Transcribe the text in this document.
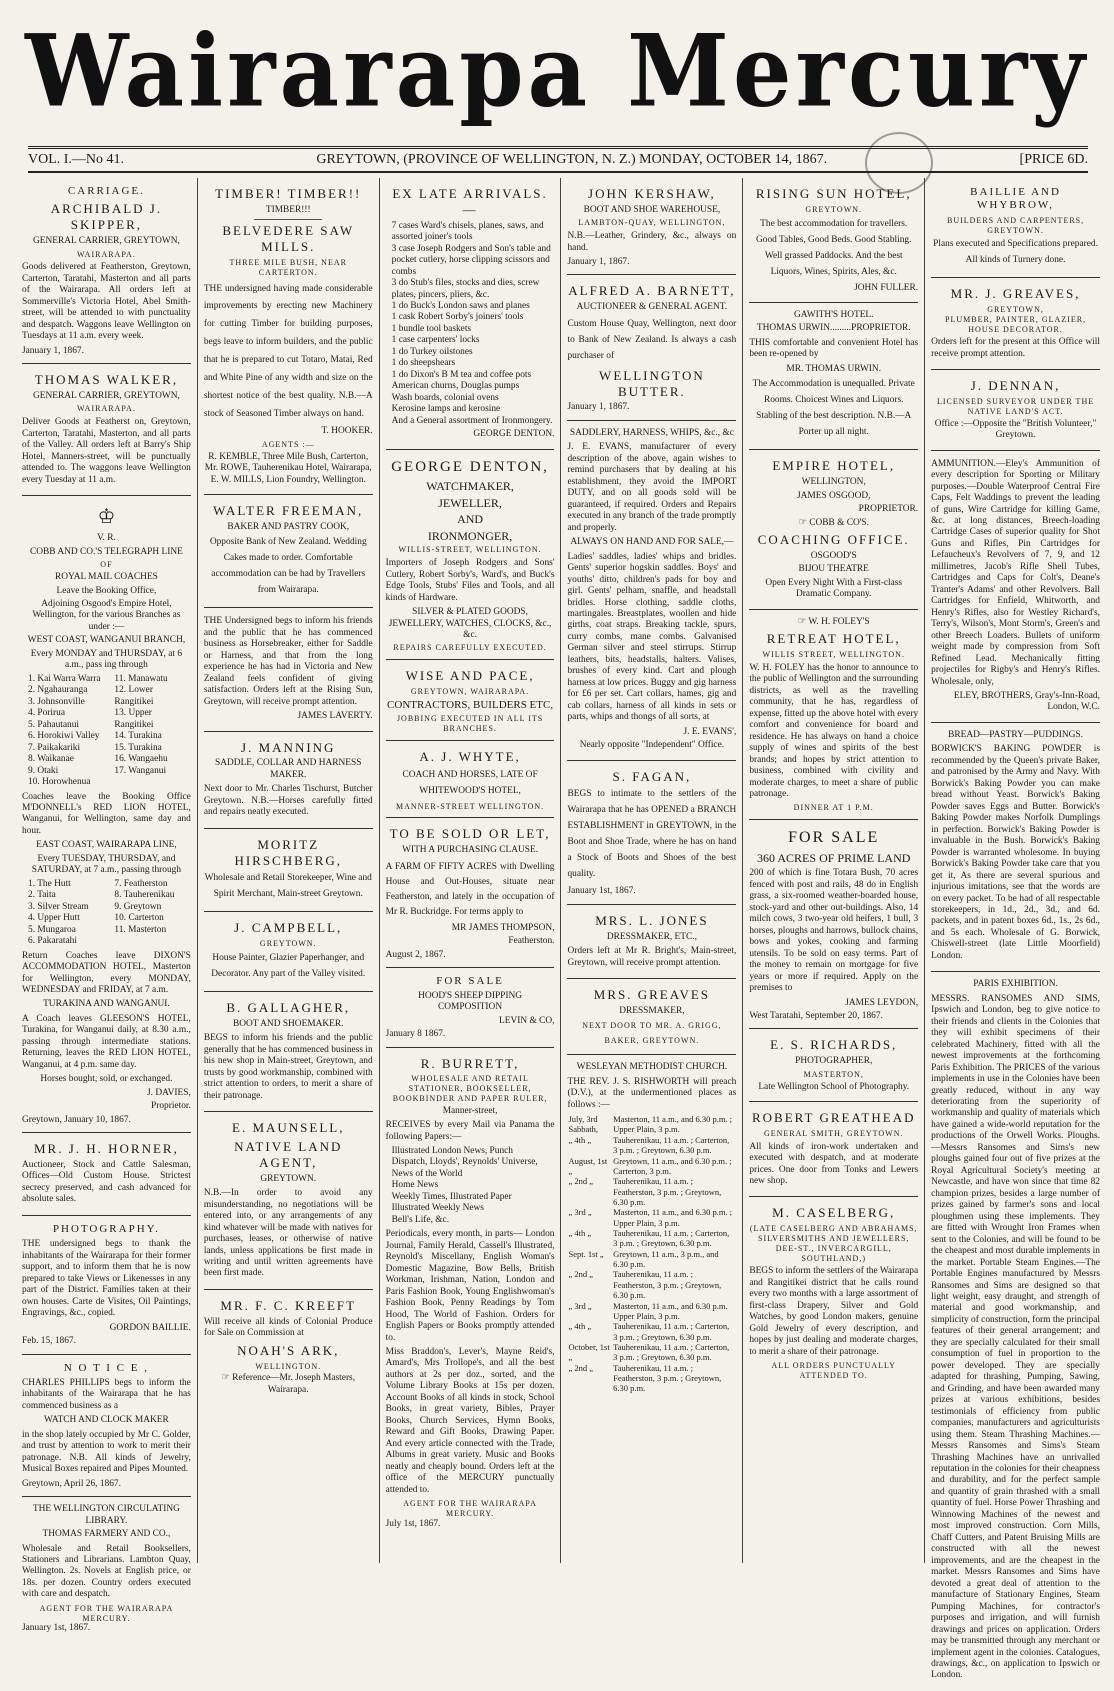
Wairarapa Mercury
VOL. I.—No 41.	GREYTOWN, (PROVINCE OF WELLINGTON, N. Z.) MONDAY, OCTOBER 14, 1867.	[PRICE 6D.
CARRIAGE.
ARCHIBALD J. SKIPPER,
GENERAL CARRIER, GREYTOWN,
WAIRARAPA.
Goods delivered at Featherston, Greytown, Carterton, Taratahi, Masterton and all parts of the Wairarapa. All orders left at Sommerville's Victoria Hotel, Abel Smith-street, will be attended to with punctuality and despatch. Waggons leave Wellington on Tuesdays at 11 a.m. every week.
January 1, 1867.
THOMAS WALKER,
GENERAL CARRIER, GREYTOWN,
WAIRARAPA.
Deliver Goods at Featherst on, Greytown, Carterton, Taratahi, Masterton, and all parts of the Valley. All orders left at Barry's Ship Hotel, Manners-street, will be punctually attended to. The waggons leave Wellington every Tuesday at 11 a.m.
♔
V. R.
COBB AND CO.'S TELEGRAPH LINE
OF
ROYAL MAIL COACHES
Leave the Booking Office,
Adjoining Osgood's Empire Hotel, Wellington, for the various Branches as under :—
WEST COAST, WANGANUI BRANCH,
Every MONDAY and THURSDAY, at 6 a.m., pass ing through
1. Kai Warra Warra
2. Ngahauranga
3. Johnsonville
4. Porirua
5. Pahautanui
6. Horokiwi Valley
7. Paikakariki
8. Waikanae
9. Otaki
10. Horowhenua
11. Manawatu
12. Lower Rangitikei
13. Upper Rangitikei
14. Turakina
15. Turakina
16. Wangaehu
17. Wanganui
Coaches leave the Booking Office M'DONNELL's RED LION HOTEL, Wanganui, for Wellington, same day and hour.
EAST COAST, WAIRARAPA LINE,
Every TUESDAY, THURSDAY, and SATURDAY, at 7 a.m., passing through
1. The Hutt
2. Taita
3. Silver Stream
4. Upper Hutt
5. Mungaroa
6. Pakaratahi
7. Featherston
8. Tauherenikau
9. Greytown
10. Carterton
11. Masterton
Return Coaches leave DIXON'S ACCOMMODATION HOTEL, Masterton for Wellington, every MONDAY, WEDNESDAY and FRIDAY, at 7 a.m.
TURAKINA AND WANGANUI.
A Coach leaves GLEESON'S HOTEL, Turakina, for Wanganui daily, at 8.30 a.m., passing through intermediate stations. Returning, leaves the RED LION HOTEL, Wanganui, at 4 p.m. same day.
Horses bought, sold, or exchanged.
J. DAVIES,
Proprietor.
Greytown, January 10, 1867.
MR. J. H. HORNER,
Auctioneer, Stock and Cattle Salesman, Offices—Old Custom House. Strictest secrecy preserved, and cash advanced for absolute sales.
PHOTOGRAPHY.
THE undersigned begs to thank the inhabitants of the Wairarapa for their former support, and to inform them that he is now prepared to take Views or Likenesses in any part of the District. Families taken at their own houses. Carte de Visites, Oil Paintings, Engravings, &c., copied.
GORDON BAILLIE.
Feb. 15, 1867.
N O T I C E ,
CHARLES PHILLIPS begs to inform the inhabitants of the Wairarapa that he has commenced business as a
WATCH AND CLOCK MAKER
in the shop lately occupied by Mr C. Golder, and trust by attention to work to merit their patronage. N.B. All kinds of Jewelry, Musical Boxes repaired and Pipes Mounted.
Greytown, April 26, 1867.
THE WELLINGTON CIRCULATING LIBRARY.
THOMAS FARMERY AND CO.,
Wholesale and Retail Booksellers, Stationers and Librarians. Lambton Quay, Wellington. 2s. Novels at English price, or 18s. per dozen. Country orders executed with care and despatch.
AGENT FOR THE WAIRARAPA MERCURY.
January 1st, 1867.
TIMBER! TIMBER!!
TIMBER!!!
BELVEDERE SAW MILLS.
THREE MILE BUSH, NEAR CARTERTON.
THE undersigned having made considerable improvements by erecting new Machinery for cutting Timber for building purposes, begs leave to inform builders, and the public that he is prepared to cut Totaro, Matai, Red and White Pine of any width and size on the shortest notice of the best quality. N.B.—A stock of Seasoned Timber always on hand.
T. HOOKER.
AGENTS :—
R. KEMBLE, Three Mile Bush, Carterton, Mr. ROWE, Tauherenikau Hotel, Wairarapa, E. W. MILLS, Lion Foundry, Wellington.
WALTER FREEMAN,
BAKER AND PASTRY COOK,
Opposite Bank of New Zealand. Wedding Cakes made to order. Comfortable accommodation can be had by Travellers from Wairarapa.
THE Undersigned begs to inform his friends and the public that he has commenced business as Horsebreaker, either for Saddle or Harness, and that from the long experience he has had in Victoria and New Zealand feels confident of giving satisfaction. Orders left at the Rising Sun, Greytown, will receive prompt attention.
JAMES LAVERTY.
J. MANNING
SADDLE, COLLAR AND HARNESS MAKER.
Next door to Mr. Charles Tischurst, Butcher Greytown. N.B.—Horses carefully fitted and repairs neatly executed.
MORITZ HIRSCHBERG,
Wholesale and Retail Storekeeper, Wine and Spirit Merchant, Main-street Greytown.
J. CAMPBELL,
GREYTOWN.
House Painter, Glazier Paperhanger, and Decorator. Any part of the Valley visited.
B. GALLAGHER,
BOOT AND SHOEMAKER.
BEGS to inform his friends and the public generally that he has commenced business in his new shop in Main-street, Greytown, and trusts by good workmanship, combined with strict attention to orders, to merit a share of their patronage.
E. MAUNSELL,
NATIVE LAND AGENT,
GREYTOWN.
N.B.—In order to avoid any misunderstanding, no negotiations will be entered into, or any arrangements of any kind whatever will be made with natives for purchases, leases, or otherwise of native lands, unless applications be first made in writing and until written agreements have been first made.
MR. F. C. KREEFT
Will receive all kinds of Colonial Produce for Sale on Commission at
NOAH'S ARK,
WELLINGTON.
☞ Reference—Mr. Joseph Masters, Wairarapa.
EX LATE ARRIVALS.—
7 cases Ward's chisels, planes, saws, and assorted joiner's tools
3 case Joseph Rodgers and Son's table and pocket cutlery, horse clipping scissors and combs
3 do Stub's files, stocks and dies, screw plates, pincers, pliers, &c.
1 do Buck's London saws and planes
1 cask Robert Sorby's joiners' tools
1 bundle tool baskets
1 case carpenters' locks
1 do Turkey oilstones
1 do sheepshears
1 do Dixon's B M tea and coffee pots
American churns, Douglas pumps
Wash boards, colonial ovens
Kerosine lamps and kerosine
And a General assortment of Ironmongery.
GEORGE DENTON.
GEORGE DENTON,
WATCHMAKER,
JEWELLER,
AND
IRONMONGER,
WILLIS-STREET, WELLINGTON.
Importers of Joseph Rodgers and Sons' Cutlery, Robert Sorby's, Ward's, and Buck's Edge Tools, Stubs' Files and Tools, and all kinds of Hardware.
SILVER & PLATED GOODS, JEWELLERY, WATCHES, CLOCKS, &c., &c.
REPAIRS CAREFULLY EXECUTED.
WISE AND PACE,
GREYTOWN, WAIRARAPA.
CONTRACTORS, BUILDERS ETC,
JOBBING EXECUTED IN ALL ITS BRANCHES.
A. J. WHYTE,
COACH AND HORSES, LATE OF WHITEWOOD'S HOTEL,
MANNER-STREET WELLINGTON.
TO BE SOLD OR LET,
WITH A PURCHASING CLAUSE.
A FARM OF FIFTY ACRES with Dwelling House and Out-Houses, situate near Featherston, and lately in the occupation of Mr R. Buckridge. For terms apply to
MR JAMES THOMPSON,
Featherston.
August 2, 1867.
FOR SALE
HOOD'S SHEEP DIPPING COMPOSITION
LEVIN & CO,
January 8 1867.
R. BURRETT,
WHOLESALE AND RETAIL STATIONER, BOOKSELLER, BOOKBINDER AND PAPER RULER,
Manner-street,
RECEIVES by every Mail via Panama the following Papers:—
Illustrated London News, Punch
Dispatch, Lloyds', Reynolds' Universe, News of the World
Home News
Weekly Times, Illustrated Paper
Illustrated Weekly News
Bell's Life, &c.
Periodicals, every month, in parts— London Journal, Family Herald, Cassell's Illustrated, Reynold's Miscellany, English Woman's Domestic Magazine, Bow Bells, British Workman, Irishman, Nation, London and Paris Fashion Book, Young Englishwoman's Fashion Book, Penny Readings by Tom Hood, The World of Fashion. Orders for English Papers or Books promptly attended to.
Miss Braddon's, Lever's, Mayne Reid's, Amard's, Mrs Trollope's, and all the best authors at 2s per doz., sorted, and the Volume Library Books at 15s per dozen. Account Books of all kinds in stock, School Books, in great variety, Bibles, Prayer Books, Church Services, Hymn Books, Reward and Gift Books, Drawing Paper. And every article connected with the Trade, Albums in great variety. Music and Books neatly and cheaply bound. Orders left at the office of the MERCURY punctually attended to.
AGENT FOR THE WAIRARAPA MERCURY.
July 1st, 1867.
JOHN KERSHAW,
BOOT AND SHOE WAREHOUSE,
LAMBTON-QUAY, WELLINGTON,
N.B.—Leather, Grindery, &c., always on hand.
January 1, 1867.
ALFRED A. BARNETT,
AUCTIONEER & GENERAL AGENT.
Custom House Quay, Wellington, next door to Bank of New Zealand. Is always a cash purchaser of
WELLINGTON BUTTER.
January 1, 1867.
SADDLERY, HARNESS, WHIPS, &c., &c
J. E. EVANS, manufacturer of every description of the above, again wishes to remind purchasers that by dealing at his establishment, they avoid the IMPORT DUTY, and on all goods sold will be guaranteed, if required. Orders and Repairs executed in any branch of the trade promptly and properly.
ALWAYS ON HAND AND FOR SALE,—
Ladies' saddles, ladies' whips and bridles. Gents' superior hogskin saddles. Boys' and youths' ditto, children's pads for boy and girl. Gents' pelham, snaffle, and headstall bridles. Horse clothing, saddle cloths, martingales. Breastplates, woollen and hide girths, coat straps. Breaking tackle, spurs, curry combs, mane combs. Galvanised German silver and steel stirrups. Stirrup leathers, bits, headstalls, halters. Valises, brushes of every kind. Cart and plough harness at low prices. Buggy and gig harness for £6 per set. Cart collars, hames, gig and cab collars, harness of all kinds in sets or parts, whips and thongs of all sorts, at
J. E. EVANS',
Nearly opposite "Independent" Office.
S. FAGAN,
BEGS to intimate to the settlers of the Wairarapa that he has OPENED a BRANCH ESTABLISHMENT in GREYTOWN, in the Boot and Shoe Trade, where he has on hand a Stock of Boots and Shoes of the best quality.
January 1st, 1867.
MRS. L. JONES
DRESSMAKER, ETC.,
Orders left at Mr R. Bright's, Main-street, Greytown, will receive prompt attention.
MRS. GREAVES
DRESSMAKER,
NEXT DOOR TO MR. A. GRIGG, BAKER, GREYTOWN.
WESLEYAN METHODIST CHURCH.
THE REV. J. S. RISHWORTH will preach (D.V.), at the undermentioned places as follows :—
July, 3rd Sabbath,	Masterton, 11 a.m., and 6.30 p.m. ; Upper Plain, 3 p.m.
„ 4th „	Tauherenikau, 11 a.m. ; Carterton, 3 p.m. ; Greytown, 6.30 p.m.
August, 1st „	Greytown, 11 a.m., and 6.30 p.m. ; Carterton, 3 p.m.
„ 2nd „	Tauherenikau, 11 a.m. ; Featherston, 3 p.m. ; Greytown, 6.30 p.m.
„ 3rd „	Masterton, 11 a.m., and 6.30 p.m. ; Upper Plain, 3 p.m.
„ 4th „	Tauherenikau, 11 a.m. ; Carterton, 3 p.m. ; Greytown, 6.30 p.m.
Sept. 1st „	Greytown, 11 a.m., 3 p.m., and 6.30 p.m.
„ 2nd „	Tauherenikau, 11 a.m. ; Featherston, 3 p.m. ; Greytown, 6.30 p.m.
„ 3rd „	Masterton, 11 a.m., and 6.30 p.m. Upper Plain, 3 p.m.
„ 4th „	Tauherenikau, 11 a.m. ; Carterton, 3 p.m. ; Greytown, 6.30 p.m.
October, 1st „	Tauherenikau, 11 a.m. ; Carterton, 3 p.m. ; Greytown, 6.30 p.m.
„ 2nd „	Tauherenikau, 11 a.m. ; Featherston, 3 p.m. ; Greytown, 6.30 p.m.
RISING SUN HOTEL,
GREYTOWN.
The best accommodation for travellers. Good Tables, Good Beds. Good Stabling. Well grassed Paddocks. And the best Liquors, Wines, Spirits, Ales, &c.
JOHN FULLER.
GAWITH'S HOTEL.
THOMAS URWIN.........PROPRIETOR.
THIS comfortable and convenient Hotel has been re-opened by
MR. THOMAS URWIN.
The Accommodation is unequalled. Private Rooms. Choicest Wines and Liquors. Stabling of the best description. N.B.—A Porter up all night.
EMPIRE HOTEL,
WELLINGTON,
JAMES OSGOOD,
PROPRIETOR.
☞ COBB & CO'S.
COACHING OFFICE.
OSGOOD'S
BIJOU THEATRE
Open Every Night With a First-class Dramatic Company.
☞ W. H. FOLEY'S
RETREAT HOTEL,
WILLIS STREET, WELLINGTON.
W. H. FOLEY has the honor to announce to the public of Wellington and the surrounding districts, as well as the travelling community, that he has, regardless of expense, fitted up the above hotel with every comfort and convenience for board and residence. He has always on hand a choice supply of wines and spirits of the best brands; and hopes by strict attention to business, combined with civility and moderate charges, to meet a share of public patronage.
DINNER AT 1 P.M.
FOR SALE
360 ACRES OF PRIME LAND
200 of which is fine Totara Bush, 70 acres fenced with post and rails, 48 do in English grass, a six-roomed weather-boarded house, stock-yard and other out-buildings. Also, 14 milch cows, 3 two-year old heifers, 1 bull, 3 horses, ploughs and harrows, bullock chains, bows and yokes, cooking and farming utensils. To be sold on easy terms. Part of the money to remain on mortgage for five years or more if required. Apply on the premises to
JAMES LEYDON,
West Taratahi, September 20, 1867.
E. S. RICHARDS,
PHOTOGRAPHER,
MASTERTON,
Late Wellington School of Photography.
ROBERT GREATHEAD
GENERAL SMITH, GREYTOWN.
All kinds of iron-work undertaken and executed with despatch, and at moderate prices. One door from Tonks and Lewers new shop.
M. CASELBERG,
(LATE CASELBERG AND ABRAHAMS, SILVERSMITHS AND JEWELLERS, DEE-ST., INVERCARGILL, SOUTHLAND,)
BEGS to inform the settlers of the Wairarapa and Rangitikei district that he calls round every two months with a large assortment of first-class Drapery, Silver and Gold Watches, by good London makers, genuine Gold Jewelry of every description, and hopes by just dealing and moderate charges, to merit a share of their patronage.
ALL ORDERS PUNCTUALLY ATTENDED TO.
BAILLIE AND WHYBROW,
BUILDERS AND CARPENTERS, GREYTOWN.
Plans executed and Specifications prepared. All kinds of Turnery done.
MR. J. GREAVES,
GREYTOWN,
PLUMBER, PAINTER, GLAZIER, HOUSE DECORATOR.
Orders left for the present at this Office will receive prompt attention.
J. DENNAN,
LICENSED SURVEYOR UNDER THE NATIVE LAND'S ACT.
Office :—Opposite the "British Volunteer," Greytown.
AMMUNITION.—Eley's Ammunition of every description for Sporting or Military purposes.—Double Waterproof Central Fire Caps, Felt Waddings to prevent the leading of guns, Wire Cartridge for killing Game, &c. at long distances, Breech-loading Cartridge Cases of superior quality for Shot Guns and Rifles, Pin Cartridges for Lefaucheux's Revolvers of 7, 9, and 12 millimetres, Jacob's Rifle Shell Tubes, Cartridges and Caps for Colt's, Deane's Tranter's Adams' and other Revolvers. Ball Cartridges for Enfield, Whitworth, and Henry's Rifles, also for Westley Richard's, Terry's, Wilson's, Mont Storm's, Green's and other Breech Loaders. Bullets of uniform weight made by compression from Soft Refined Lead. Mechanically fitting projectiles for Rigby's and Henry's Rifles. Wholesale, only,
ELEY, BROTHERS, Gray's-Inn-Road, London, W.C.
BREAD—PASTRY—PUDDINGS.
BORWICK'S BAKING POWDER is recommended by the Queen's private Baker, and patronised by the Army and Navy. With Borwick's Baking Powder you can make bread without Yeast. Borwick's Baking Powder saves Eggs and Butter. Borwick's Baking Powder makes Norfolk Dumplings in perfection. Borwick's Baking Powder is invaluable in the Bush. Borwick's Baking Powder is warranted wholesome. In buying Borwick's Baking Powder take care that you get it, As there are several spurious and injurious imitations, see that the words are on every packet. To be had of all respectable storekeepers, in 1d., 2d., 3d., and 6d. packets, and in patent boxes 6d., 1s., 2s 6d., and 5s each. Wholesale of G. Borwick, Chiswell-street (late Little Moorfield) London.
PARIS EXHIBITION.
MESSRS. RANSOMES AND SIMS, Ipswich and London, beg to give notice to their friends and clients in the Colonies that they will exhibit specimens of their celebrated Machinery, fitted with all the newest improvements at the forthcoming Paris Exhibition. The PRICES of the various implements in use in the Colonies have been greatly reduced, without in any way deteriorating from the superiority of workmanship and quality of materials which have gained a wide-world reputation for the productions of the Orwell Works. Ploughs.—Messrs Ransomes and Sims's new ploughs gained four out of five prizes at the Royal Agricultural Society's meeting at Newcastle, and have won since that time 82 champion prizes, besides a large number of prizes gained by farmer's sons and local ploughmen using these implements. They are fitted with Wrought Iron Frames when sent to the Colonies, and will be found to be the cheapest and most durable implements in the market. Portable Steam Engines.—The Portable Engines manufactured by Messrs Ransomes and Sims are designed so that light weight, easy draught, and strength of material and good workmanship, and simplicity of construction, form the principal features of their general arrangement; and they are specially calculated for their small consumption of fuel in proportion to the power developed. They are specially adapted for thrashing, Pumping, Sawing, and Grinding, and have been awarded many prizes at various exhibitions, besides testimonials of efficiency from public companies, manufacturers and agriculturists using them. Steam Thrashing Machines.—Messrs Ransomes and Sims's Steam Thrashing Machines have an unrivalled reputation in the colonies for their cheapness and durability, and for the perfect sample and quantity of grain thrashed with a small quantity of fuel. Horse Power Thrashing and Winnowing Machines of the newest and most improved construction. Corn Mills, Chaff Cutters, and Patent Bruising Mills are constructed with all the newest improvements, and are the cheapest in the market. Messrs Ransomes and Sims have devoted a great deal of attention to the manufacture of Stationary Engines, Steam Pumping Machines, for contractor's purposes and irrigation, and will furnish drawings and prices on application. Orders may be transmitted through any merchant or implement agent in the colonies. Catalogues, drawings, &c., on application to Ipswich or London.
